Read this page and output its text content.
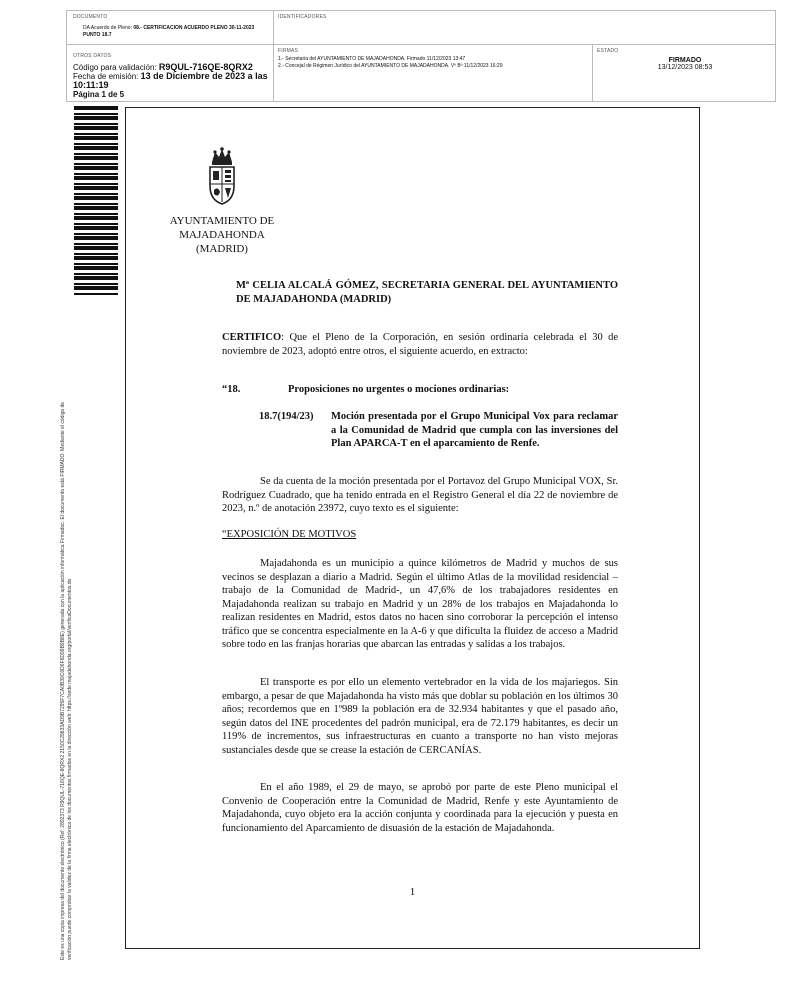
DOCUMENTO
DA Acuerdo de Pleno: 08.- CERTIFICACION ACUERDO PLENO 30-11-2023
PUNTO 18.7
IDENTIFICADORES
OTROS DATOS
Código para validación: R9QUL-716QE-8QRX2
Fecha de emisión: 13 de Diciembre de 2023 a las 10:11:19
Página 1 de 5
FIRMAS
1.- Secretaria del AYUNTAMIENTO DE MAJADAHONDA. Firmado 11/12/2023 13:47
2.- Concejal de Régimen Jurídico del AYUNTAMIENTO DE MAJADAHONDA. Vº Bº 11/12/2023 16:29
ESTADO
FIRMADO
13/12/2023 08:53
Este es una copia impresa del documento electrónico (Ref: 2892373 R9QUL-716QE-8QRX2 2150C29833AD9B7295F7CA0B39C6D6F6D99B9B8E) generada con la aplicación informática Firmadoc. El documento está FIRMADO. Mediante el código de verificación puede comprobar la validez de la firma electrónica de los documentos firmados en la dirección web: https://sede.majadahonda.org/portal/verificaDocumentos.do
AYUNTAMIENTO DE
MAJADAHONDA
(MADRID)
Mª CELIA ALCALÁ GÓMEZ, SECRETARIA GENERAL DEL AYUNTAMIENTO DE MAJADAHONDA (MADRID)
CERTIFICO: Que el Pleno de la Corporación, en sesión ordinaria celebrada el 30 de noviembre de 2023, adoptó entre otros, el siguiente acuerdo, en extracto:
“18.	Proposiciones no urgentes o mociones ordinarias:
18.7(194/23)	Moción presentada por el Grupo Municipal Vox para reclamar a la Comunidad de Madrid que cumpla con las inversiones del Plan APARCA-T en el aparcamiento de Renfe.
Se da cuenta de la moción presentada por el Portavoz del Grupo Municipal VOX, Sr. Rodríguez Cuadrado, que ha tenido entrada en el Registro General el día 22 de noviembre de 2023, n.º de anotación 23972, cuyo texto es el siguiente:
“EXPOSICIÓN DE MOTIVOS
Majadahonda es un municipio a quince kilómetros de Madrid y muchos de sus vecinos se desplazan a diario a Madrid. Según el último Atlas de la movilidad residencial – trabajo de la Comunidad de Madrid-, un 47,6% de los trabajadores residentes en Majadahonda realizan su trabajo en Madrid y un 28% de los trabajos en Majadahonda lo realizan residentes en Madrid, estos datos no hacen sino corroborar la percepción el intenso tráfico que se concentra especialmente en la A-6 y que dificulta la fluidez de acceso a Madrid sobre todo en las franjas horarias que abarcan las entradas y salidas a los trabajos.
El transporte es por ello un elemento vertebrador en la vida de los majariegos. Sin embargo, a pesar de que Majadahonda ha visto más que doblar su población en los últimos 30 años; recordemos que en 1º989 la población era de 32.934 habitantes y que el pasado año, según datos del INE procedentes del padrón municipal, era de 72.179 habitantes, es decir un 119% de incrementos, sus infraestructuras en cuanto a transporte no han visto mejoras sustanciales desde que se crease la estación de CERCANÍAS.
En el año 1989, el 29 de mayo, se aprobó por parte de este Pleno municipal el Convenio de Cooperación entre la Comunidad de Madrid, Renfe y este Ayuntamiento de Majadahonda, cuyo objeto era la acción conjunta y coordinada para la ejecución y puesta en funcionamiento del Aparcamiento de disuasión de la estación de Majadahonda.
1
